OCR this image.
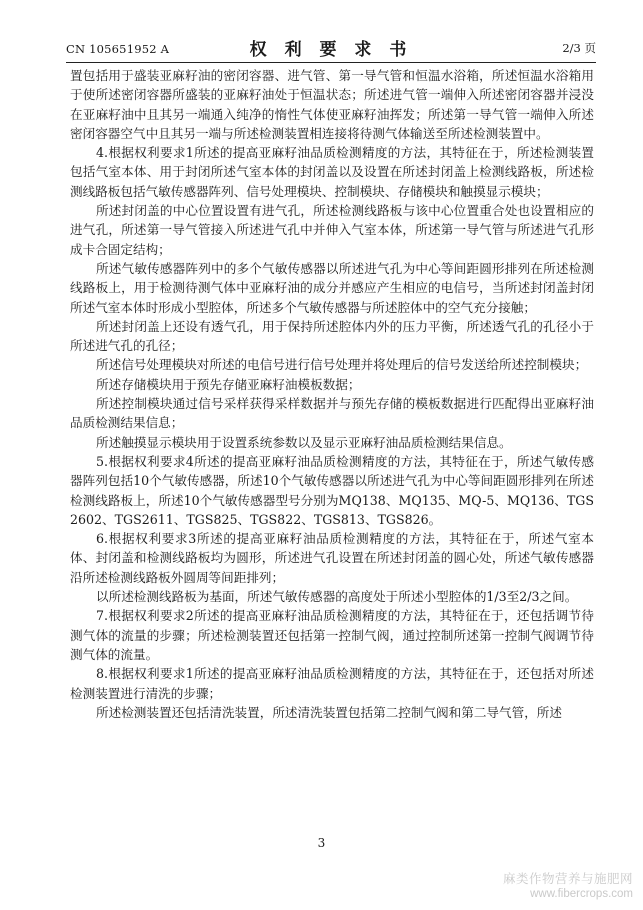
CN 105651952 A	权 利 要 求 书	2/3 页

置包括用于盛装亚麻籽油的密闭容器、进气管、第一导气管和恒温水浴箱，所述恒温水浴箱用于使所述密闭容器所盛装的亚麻籽油处于恒温状态；所述进气管一端伸入所述密闭容器并浸没在亚麻籽油中且其另一端通入纯净的惰性气体使亚麻籽油挥发；所述第一导气管一端伸入所述密闭容器空气中且其另一端与所述检测装置相连接将待测气体输送至所述检测装置中。

4.根据权利要求1所述的提高亚麻籽油品质检测精度的方法，其特征在于，所述检测装置包括气室本体、用于封闭所述气室本体的封闭盖以及设置在所述封闭盖上检测线路板，所述检测线路板包括气敏传感器阵列、信号处理模块、控制模块、存储模块和触摸显示模块；

所述封闭盖的中心位置设置有进气孔，所述检测线路板与该中心位置重合处也设置相应的进气孔，所述第一导气管接入所述进气孔中并伸入气室本体，所述第一导气管与所述进气孔形成卡合固定结构；

所述气敏传感器阵列中的多个气敏传感器以所述进气孔为中心等间距圆形排列在所述检测线路板上，用于检测待测气体中亚麻籽油的成分并感应产生相应的电信号，当所述封闭盖封闭所述气室本体时形成小型腔体，所述多个气敏传感器与所述腔体中的空气充分接触；

所述封闭盖上还设有透气孔，用于保持所述腔体内外的压力平衡，所述透气孔的孔径小于所述进气孔的孔径；

所述信号处理模块对所述的电信号进行信号处理并将处理后的信号发送给所述控制模块；

所述存储模块用于预先存储亚麻籽油模板数据；

所述控制模块通过信号采样获得采样数据并与预先存储的模板数据进行匹配得出亚麻籽油品质检测结果信息；

所述触摸显示模块用于设置系统参数以及显示亚麻籽油品质检测结果信息。

5.根据权利要求4所述的提高亚麻籽油品质检测精度的方法，其特征在于，所述气敏传感器阵列包括10个气敏传感器，所述10个气敏传感器以所述进气孔为中心等间距圆形排列在所述检测线路板上，所述10个气敏传感器型号分别为MQ138、MQ135、MQ-5、MQ136、TGS2602、TGS2611、TGS825、TGS822、TGS813、TGS826。

6.根据权利要求3所述的提高亚麻籽油品质检测精度的方法，其特征在于，所述气室本体、封闭盖和检测线路板均为圆形，所述进气孔设置在所述封闭盖的圆心处，所述气敏传感器沿所述检测线路板外圆周等间距排列；

以所述检测线路板为基面，所述气敏传感器的高度处于所述小型腔体的1/3至2/3之间。

7.根据权利要求2所述的提高亚麻籽油品质检测精度的方法，其特征在于，还包括调节待测气体的流量的步骤；所述检测装置还包括第一控制气阀，通过控制所述第一控制气阀调节待测气体的流量。

8.根据权利要求1所述的提高亚麻籽油品质检测精度的方法，其特征在于，还包括对所述检测装置进行清洗的步骤；

所述检测装置还包括清洗装置，所述清洗装置包括第二控制气阀和第二导气管，所述

3
麻类作物营养与施肥网
www.fibercrops.com
